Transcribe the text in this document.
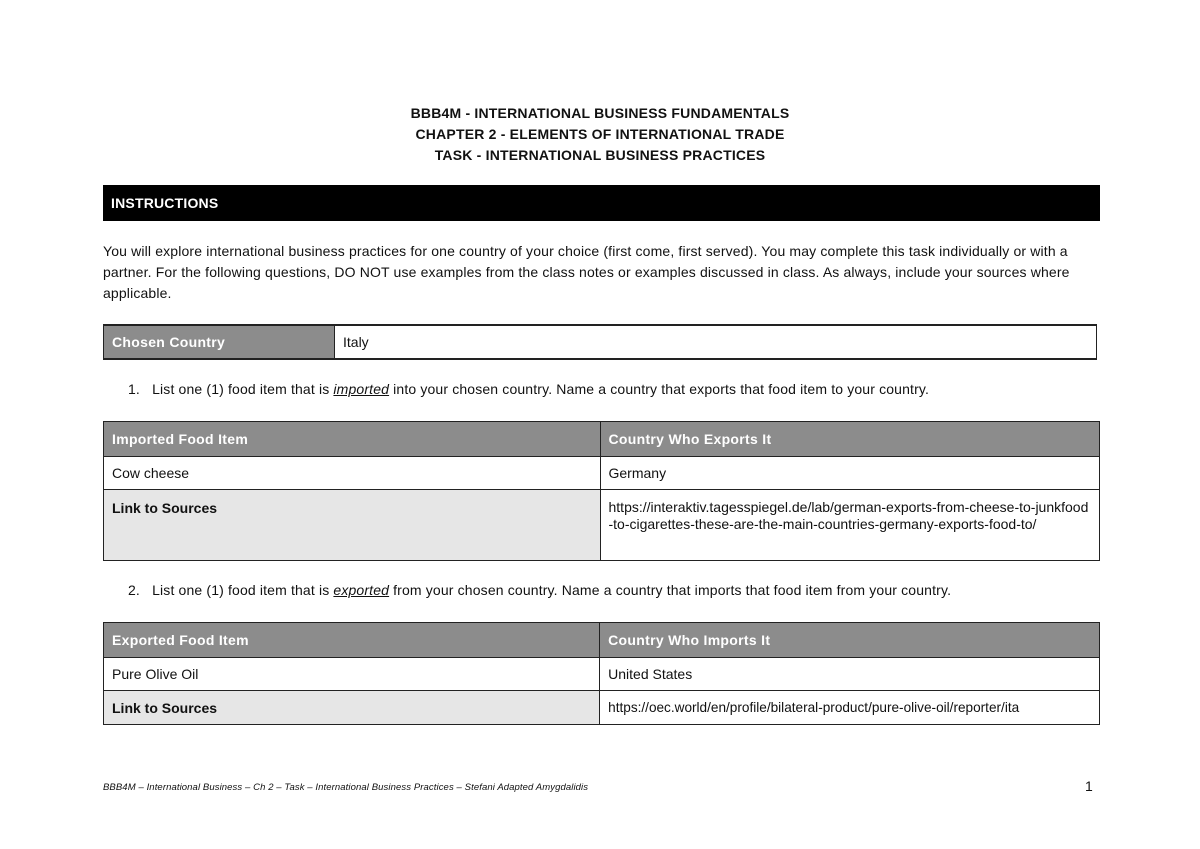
BBB4M - INTERNATIONAL BUSINESS FUNDAMENTALS
CHAPTER 2 - ELEMENTS OF INTERNATIONAL TRADE
TASK - INTERNATIONAL BUSINESS PRACTICES
INSTRUCTIONS
You will explore international business practices for one country of your choice (first come, first served). You may complete this task individually or with a partner. For the following questions, DO NOT use examples from the class notes or examples discussed in class. As always, include your sources where applicable.
Chosen Country	Italy
1. List one (1) food item that is imported into your chosen country. Name a country that exports that food item to your country.
Imported Food Item	Country Who Exports It
Cow cheese	Germany
Link to Sources	https://interaktiv.tagesspiegel.de/lab/german-exports-from-cheese-to-junkfood-to-cigarettes-these-are-the-main-countries-germany-exports-food-to/
2. List one (1) food item that is exported from your chosen country. Name a country that imports that food item from your country.
Exported Food Item	Country Who Imports It
Pure Olive Oil	United States
Link to Sources	https://oec.world/en/profile/bilateral-product/pure-olive-oil/reporter/ita
BBB4M – International Business – Ch 2 – Task – International Business Practices – Stefani Adapted Amygdalidis	1
